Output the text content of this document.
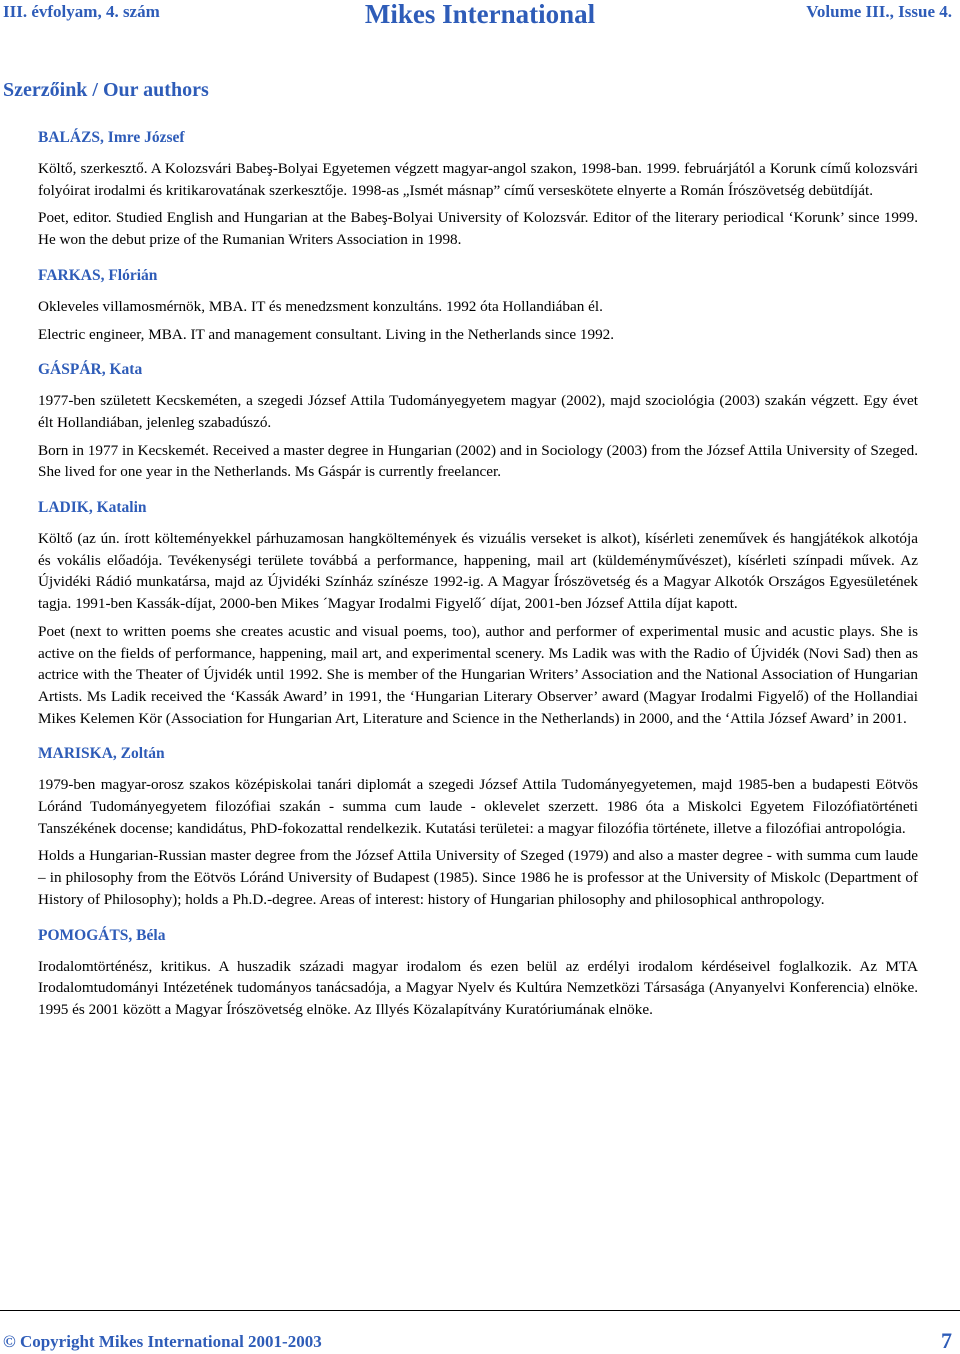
III. évfolyam, 4. szám	Mikes International	Volume III., Issue 4.
Szerzőink / Our authors
BALÁZS, Imre József

Költő, szerkesztő. A Kolozsvári Babeş-Bolyai Egyetemen végzett magyar-angol szakon, 1998-ban. 1999. februárjától a Korunk című kolozsvári folyóirat irodalmi és kritikarovatának szerkesztője. 1998-as „Ismét másnap” című verseskötete elnyerte a Román Írószövetség debütdíját.

Poet, editor. Studied English and Hungarian at the Babeş-Bolyai University of Kolozsvár. Editor of the literary periodical ‘Korunk’ since 1999. He won the debut prize of the Rumanian Writers Association in 1998.

FARKAS, Flórián

Okleveles villamosmérnök, MBA. IT és menedzsment konzultáns. 1992 óta Hollandiában él.

Electric engineer, MBA. IT and management consultant. Living in the Netherlands since 1992.

GÁSPÁR, Kata

1977-ben született Kecskeméten, a szegedi József Attila Tudományegyetem magyar (2002), majd szociológia (2003) szakán végzett. Egy évet élt Hollandiában, jelenleg szabadúszó.

Born in 1977 in Kecskemét. Received a master degree in Hungarian (2002) and in Sociology (2003) from the József Attila University of Szeged. She lived for one year in the Netherlands. Ms Gáspár is currently freelancer.

LADIK, Katalin

Költő (az ún. írott költeményekkel párhuzamosan hangköltemények és vizuális verseket is alkot), kísérleti zeneművek és hangjátékok alkotója és vokális előadója. Tevékenységi területe továbbá a performance, happening, mail art (küldeményművészet), kísérleti színpadi művek. Az Újvidéki Rádió munkatársa, majd az Újvidéki Színház színésze 1992-ig. A Magyar Írószövetség és a Magyar Alkotók Országos Egyesületének tagja. 1991-ben Kassák-díjat, 2000-ben Mikes ´Magyar Irodalmi Figyelő´ díjat, 2001-ben József Attila díjat kapott.

Poet (next to written poems she creates acustic and visual poems, too), author and performer of experimental music and acustic plays. She is active on the fields of performance, happening, mail art, and experimental scenery. Ms Ladik was with the Radio of Újvidék (Novi Sad) then as actrice with the Theater of Újvidék until 1992. She is member of the Hungarian Writers’ Association and the National Association of Hungarian Artists. Ms Ladik received the ‘Kassák Award’ in 1991, the ‘Hungarian Literary Observer’ award (Magyar Irodalmi Figyelő) of the Hollandiai Mikes Kelemen Kör (Association for Hungarian Art, Literature and Science in the Netherlands) in 2000, and the ‘Attila József Award’ in 2001.

MARISKA, Zoltán

1979-ben magyar-orosz szakos középiskolai tanári diplomát a szegedi József Attila Tudományegyetemen, majd 1985-ben a budapesti Eötvös Lóránd Tudományegyetem filozófiai szakán - summa cum laude - oklevelet szerzett. 1986 óta a Miskolci Egyetem Filozófiatörténeti Tanszékének docense; kandidátus, PhD-fokozattal rendelkezik. Kutatási területei: a magyar filozófia története, illetve a filozófiai antropológia.

Holds a Hungarian-Russian master degree from the József Attila University of Szeged (1979) and also a master degree - with summa cum laude – in philosophy from the Eötvös Lóránd University of Budapest (1985). Since 1986 he is professor at the University of Miskolc (Department of History of Philosophy); holds a Ph.D.-degree. Areas of interest: history of Hungarian philosophy and philosophical anthropology.

POMOGÁTS, Béla

Irodalomtörténész, kritikus. A huszadik századi magyar irodalom és ezen belül az erdélyi irodalom kérdéseivel foglalkozik. Az MTA Irodalomtudományi Intézetének tudományos tanácsadója, a Magyar Nyelv és Kultúra Nemzetközi Társasága (Anyanyelvi Konferencia) elnöke. 1995 és 2001 között a Magyar Írószövetség elnöke. Az Illyés Közalapítvány Kuratóriumának elnöke.

© Copyright Mikes International 2001-2003	7
